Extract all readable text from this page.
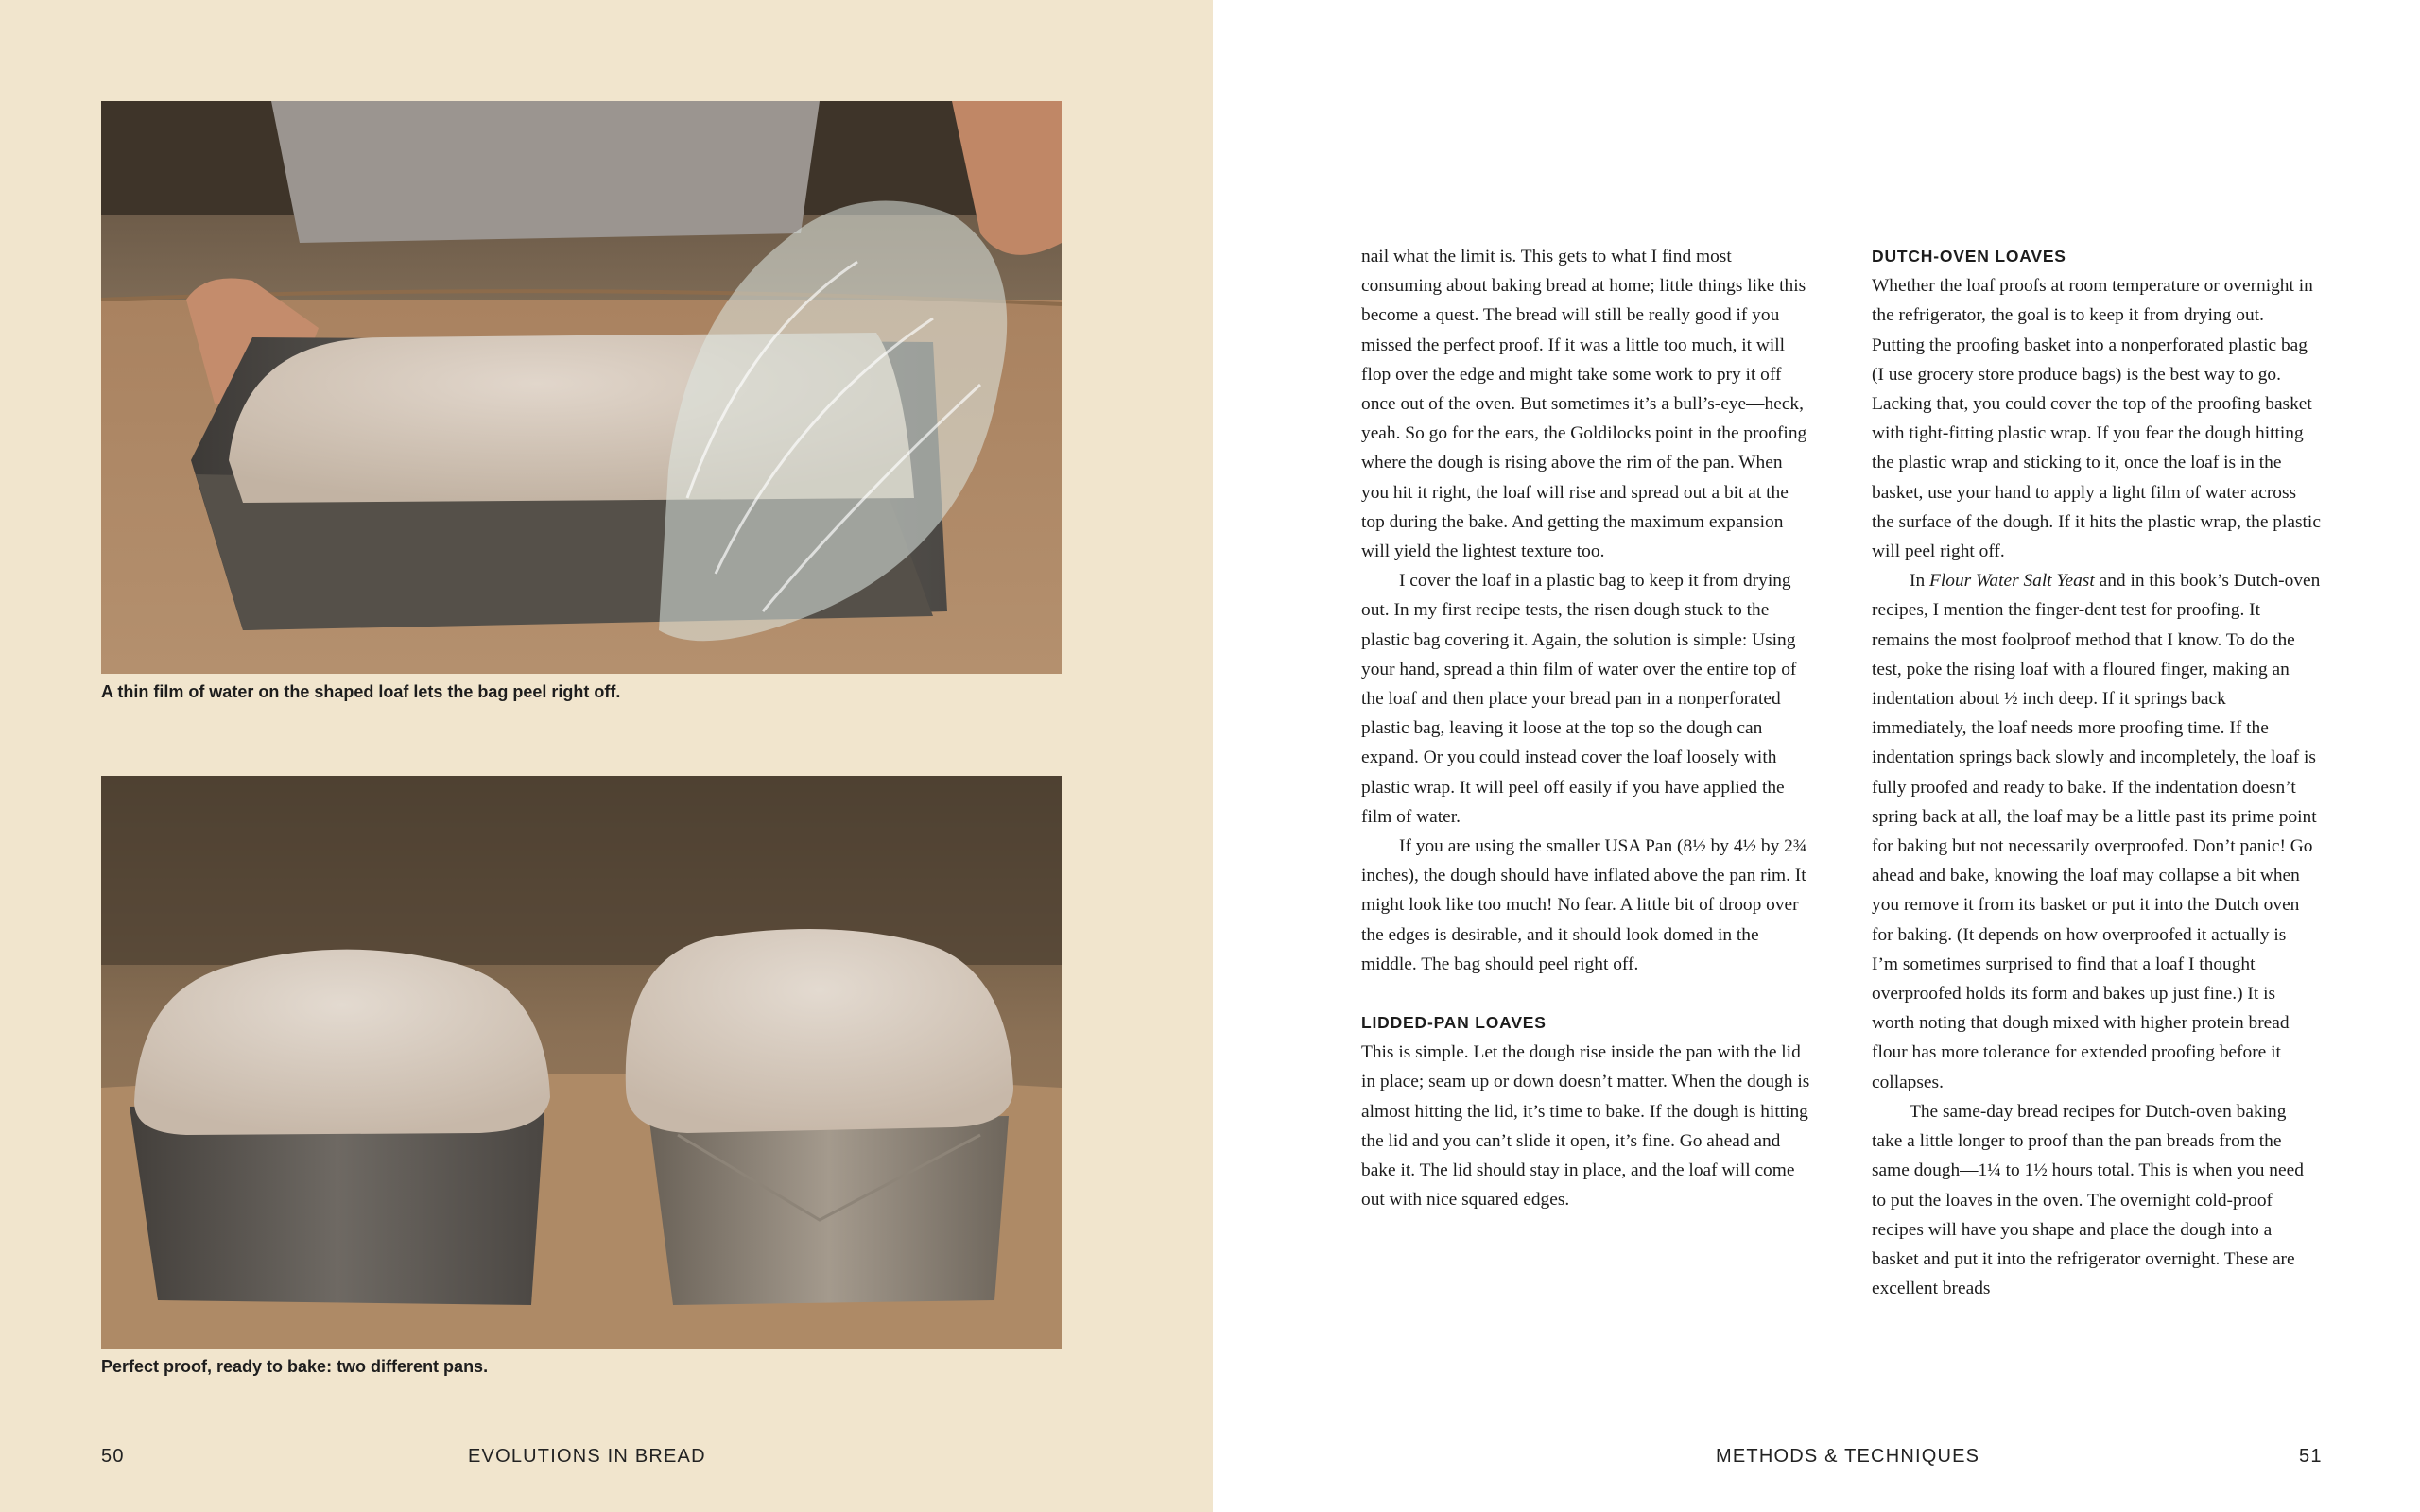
A thin film of water on the shaped loaf lets the bag peel right off.

Perfect proof, ready to bake: two different pans.

50	EVOLUTIONS IN BREAD

nail what the limit is. This gets to what I find most consuming about baking bread at home; little things like this become a quest. The bread will still be really good if you missed the perfect proof. If it was a little too much, it will flop over the edge and might take some work to pry it off once out of the oven. But sometimes it’s a bull’s-eye—heck, yeah. So go for the ears, the Goldilocks point in the proofing where the dough is rising above the rim of the pan. When you hit it right, the loaf will rise and spread out a bit at the top during the bake. And getting the maximum expansion will yield the lightest texture too.

I cover the loaf in a plastic bag to keep it from drying out. In my first recipe tests, the risen dough stuck to the plastic bag covering it. Again, the solution is simple: Using your hand, spread a thin film of water over the entire top of the loaf and then place your bread pan in a nonperforated plastic bag, leaving it loose at the top so the dough can expand. Or you could instead cover the loaf loosely with plastic wrap. It will peel off easily if you have applied the film of water.

If you are using the smaller USA Pan (8½ by 4½ by 2¾ inches), the dough should have inflated above the pan rim. It might look like too much! No fear. A little bit of droop over the edges is desirable, and it should look domed in the middle. The bag should peel right off.

LIDDED-PAN LOAVES

This is simple. Let the dough rise inside the pan with the lid in place; seam up or down doesn’t matter. When the dough is almost hitting the lid, it’s time to bake. If the dough is hitting the lid and you can’t slide it open, it’s fine. Go ahead and bake it. The lid should stay in place, and the loaf will come out with nice squared edges.

DUTCH-OVEN LOAVES

Whether the loaf proofs at room temperature or overnight in the refrigerator, the goal is to keep it from drying out. Putting the proofing basket into a nonperforated plastic bag (I use grocery store produce bags) is the best way to go. Lacking that, you could cover the top of the proofing basket with tight-fitting plastic wrap. If you fear the dough hitting the plastic wrap and sticking to it, once the loaf is in the basket, use your hand to apply a light film of water across the surface of the dough. If it hits the plastic wrap, the plastic will peel right off.

In Flour Water Salt Yeast and in this book’s Dutch-oven recipes, I mention the finger-dent test for proofing. It remains the most foolproof method that I know. To do the test, poke the rising loaf with a floured finger, making an indentation about ½ inch deep. If it springs back immediately, the loaf needs more proofing time. If the indentation springs back slowly and incompletely, the loaf is fully proofed and ready to bake. If the indentation doesn’t spring back at all, the loaf may be a little past its prime point for baking but not necessarily overproofed. Don’t panic! Go ahead and bake, knowing the loaf may collapse a bit when you remove it from its basket or put it into the Dutch oven for baking. (It depends on how overproofed it actually is—I’m sometimes surprised to find that a loaf I thought overproofed holds its form and bakes up just fine.) It is worth noting that dough mixed with higher protein bread flour has more tolerance for extended proofing before it collapses.

The same-day bread recipes for Dutch-oven baking take a little longer to proof than the pan breads from the same dough—1¼ to 1½ hours total. This is when you need to put the loaves in the oven. The overnight cold-proof recipes will have you shape and place the dough into a basket and put it into the refrigerator overnight. These are excellent breads

METHODS & TECHNIQUES	51
